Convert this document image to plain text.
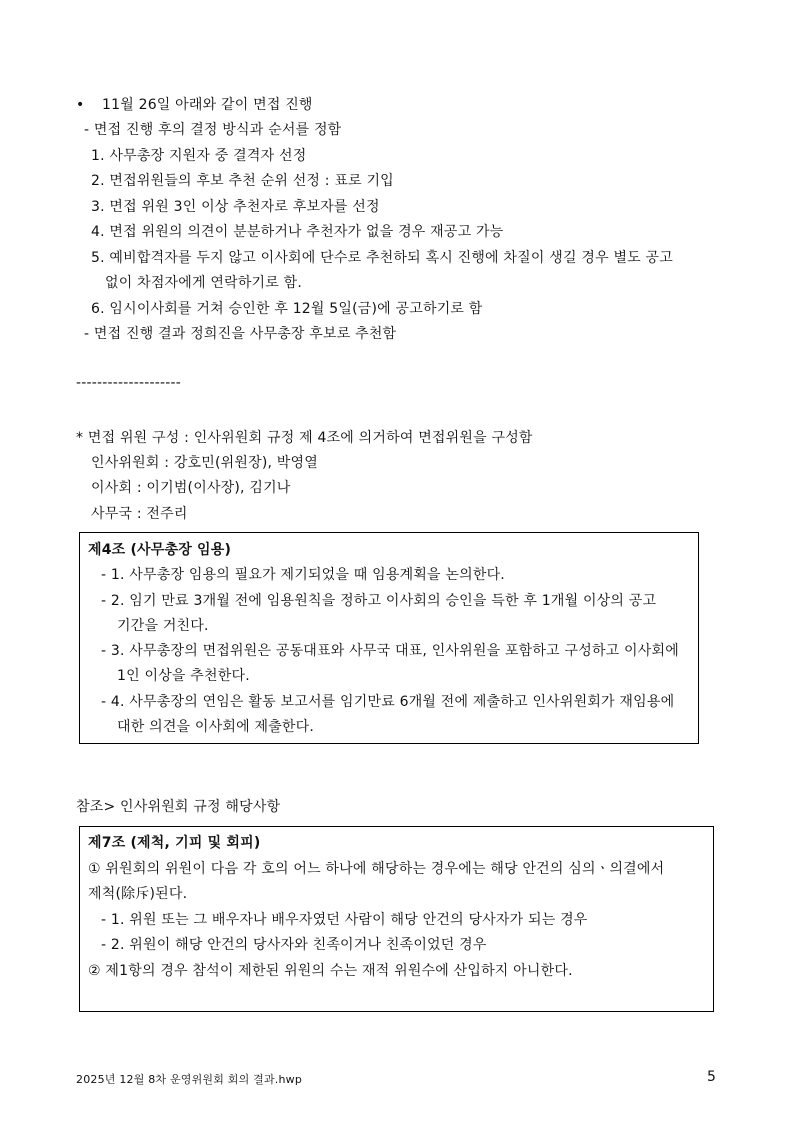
• 11월 26일 아래와 같이 면접 진행
- 면접 진행 후의 결정 방식과 순서를 정함
1. 사무총장 지원자 중 결격자 선정
2. 면접위원들의 후보 추천 순위 선정 : 표로 기입
3. 면접 위원 3인 이상 추천자로 후보자를 선정
4. 면접 위원의 의견이 분분하거나 추천자가 없을 경우 재공고 가능
5. 예비합격자를 두지 않고 이사회에 단수로 추천하되 혹시 진행에 차질이 생길 경우 별도 공고
없이 차점자에게 연락하기로 함.
6. 임시이사회를 거쳐 승인한 후 12월 5일(금)에 공고하기로 함
- 면접 진행 결과 정희진을 사무총장 후보로 추천함
--------------------
* 면접 위원 구성 : 인사위원회 규정 제 4조에 의거하여 면접위원을 구성함
인사위원회 : 강호민(위원장), 박영열
이사회 : 이기범(이사장), 김기나
사무국 : 전주리
제4조 (사무총장 임용)
- 1. 사무총장 임용의 필요가 제기되었을 때 임용계획을 논의한다.
- 2. 임기 만료 3개월 전에 임용원칙을 정하고 이사회의 승인을 득한 후 1개월 이상의 공고
기간을 거친다.
- 3. 사무총장의 면접위원은 공동대표와 사무국 대표, 인사위원을 포함하고 구성하고 이사회에
1인 이상을 추천한다.
- 4. 사무총장의 연임은 활동 보고서를 임기만료 6개월 전에 제출하고 인사위원회가 재임용에
대한 의견을 이사회에 제출한다.
참조> 인사위원회 규정 해당사항
제7조 (제척, 기피 및 회피)
① 위원회의 위원이 다음 각 호의 어느 하나에 해당하는 경우에는 해당 안건의 심의ㆍ의결에서
제척(除斥)된다.
- 1. 위원 또는 그 배우자나 배우자였던 사람이 해당 안건의 당사자가 되는 경우
- 2. 위원이 해당 안건의 당사자와 친족이거나 친족이었던 경우
② 제1항의 경우 참석이 제한된 위원의 수는 재적 위원수에 산입하지 아니한다.
2025년 12월 8차 운영위원회 회의 결과.hwp	5
